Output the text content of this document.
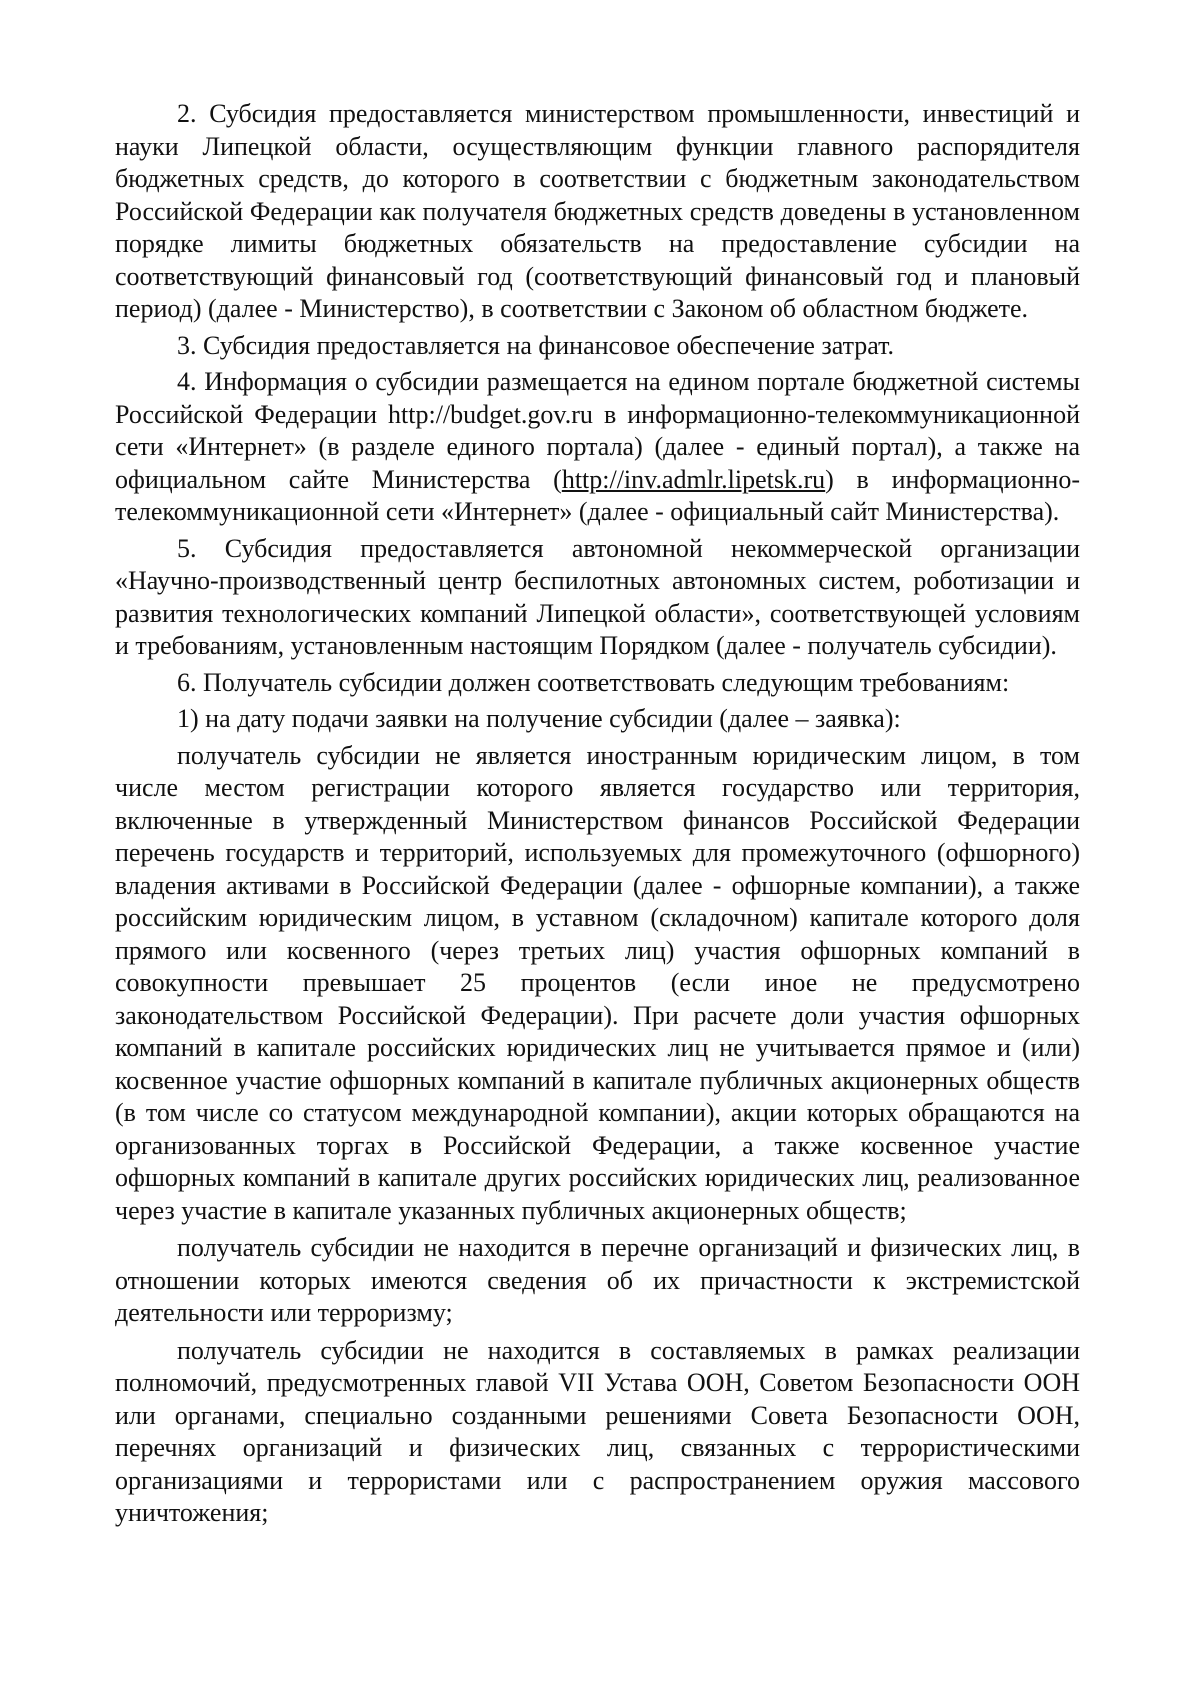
2. Субсидия предоставляется министерством промышленности, инвестиций и науки Липецкой области, осуществляющим функции главного распорядителя бюджетных средств, до которого в соответствии с бюджетным законодательством Российской Федерации как получателя бюджетных средств доведены в установленном порядке лимиты бюджетных обязательств на предоставление субсидии на соответствующий финансовый год (соответствующий финансовый год и плановый период) (далее - Министерство), в соответствии с Законом об областном бюджете.

3. Субсидия предоставляется на финансовое обеспечение затрат.

4. Информация о субсидии размещается на едином портале бюджетной системы Российской Федерации http://budget.gov.ru в информационно-телекоммуникационной сети «Интернет» (в разделе единого портала) (далее - единый портал), а также на официальном сайте Министерства (http://inv.admlr.lipetsk.ru) в информационно-телекоммуникационной сети «Интернет» (далее - официальный сайт Министерства).

5. Субсидия предоставляется автономной некоммерческой организации «Научно-производственный центр беспилотных автономных систем, роботизации и развития технологических компаний Липецкой области», соответствующей условиям и требованиям, установленным настоящим Порядком (далее - получатель субсидии).

6. Получатель субсидии должен соответствовать следующим требованиям:

1) на дату подачи заявки на получение субсидии (далее – заявка):

получатель субсидии не является иностранным юридическим лицом, в том числе местом регистрации которого является государство или территория, включенные в утвержденный Министерством финансов Российской Федерации перечень государств и территорий, используемых для промежуточного (офшорного) владения активами в Российской Федерации (далее - офшорные компании), а также российским юридическим лицом, в уставном (складочном) капитале которого доля прямого или косвенного (через третьих лиц) участия офшорных компаний в совокупности превышает 25 процентов (если иное не предусмотрено законодательством Российской Федерации). При расчете доли участия офшорных компаний в капитале российских юридических лиц не учитывается прямое и (или) косвенное участие офшорных компаний в капитале публичных акционерных обществ (в том числе со статусом международной компании), акции которых обращаются на организованных торгах в Российской Федерации, а также косвенное участие офшорных компаний в капитале других российских юридических лиц, реализованное через участие в капитале указанных публичных акционерных обществ;

получатель субсидии не находится в перечне организаций и физических лиц, в отношении которых имеются сведения об их причастности к экстремистской деятельности или терроризму;

получатель субсидии не находится в составляемых в рамках реализации полномочий, предусмотренных главой VII Устава ООН, Советом Безопасности ООН или органами, специально созданными решениями Совета Безопасности ООН, перечнях организаций и физических лиц, связанных с террористическими организациями и террористами или с распространением оружия массового уничтожения;
